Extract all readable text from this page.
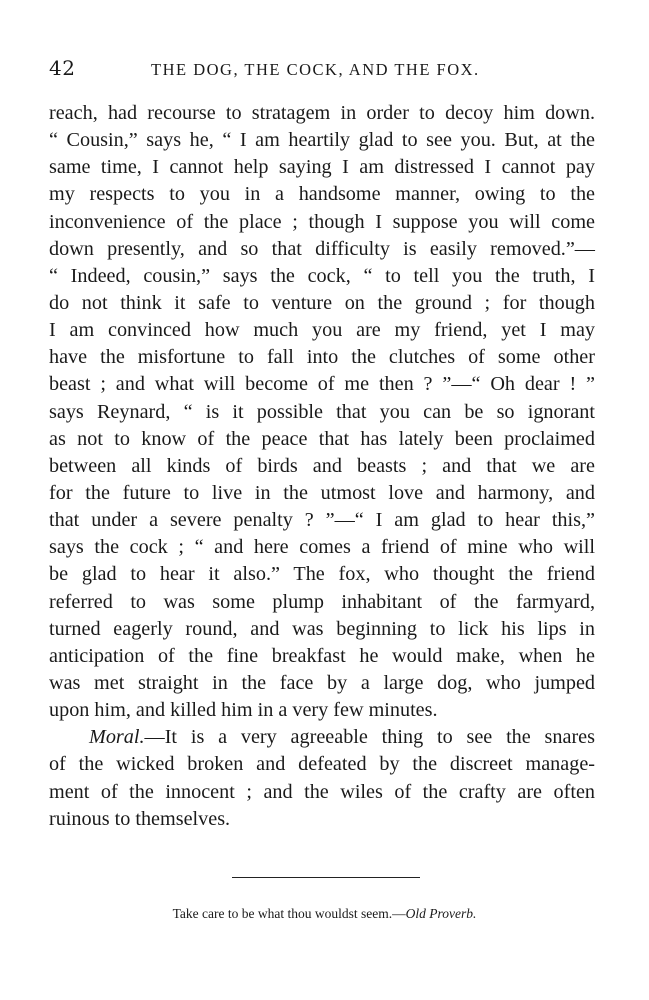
42	THE DOG, THE COCK, AND THE FOX.
reach, had recourse to stratagem in order to decoy him down.
“ Cousin,” says he, “ I am heartily glad to see you. But, at the
same time, I cannot help saying I am distressed I cannot pay
my respects to you in a handsome manner, owing to the
inconvenience of the place ; though I suppose you will come
down presently, and so that difficulty is easily removed.”—
“ Indeed, cousin,” says the cock, “ to tell you the truth, I
do not think it safe to venture on the ground ; for though
I am convinced how much you are my friend, yet I may
have the misfortune to fall into the clutches of some other
beast ; and what will become of me then ? ”—“ Oh dear ! ”
says Reynard, “ is it possible that you can be so ignorant
as not to know of the peace that has lately been proclaimed
between all kinds of birds and beasts ; and that we are
for the future to live in the utmost love and harmony, and
that under a severe penalty ? ”—“ I am glad to hear this,”
says the cock ; “ and here comes a friend of mine who will
be glad to hear it also.” The fox, who thought the friend
referred to was some plump inhabitant of the farmyard,
turned eagerly round, and was beginning to lick his lips in
anticipation of the fine breakfast he would make, when he
was met straight in the face by a large dog, who jumped
upon him, and killed him in a very few minutes.
Moral.—It is a very agreeable thing to see the snares
of the wicked broken and defeated by the discreet manage-
ment of the innocent ; and the wiles of the crafty are often
ruinous to themselves.
Take care to be what thou wouldst seem.—Old Proverb.
